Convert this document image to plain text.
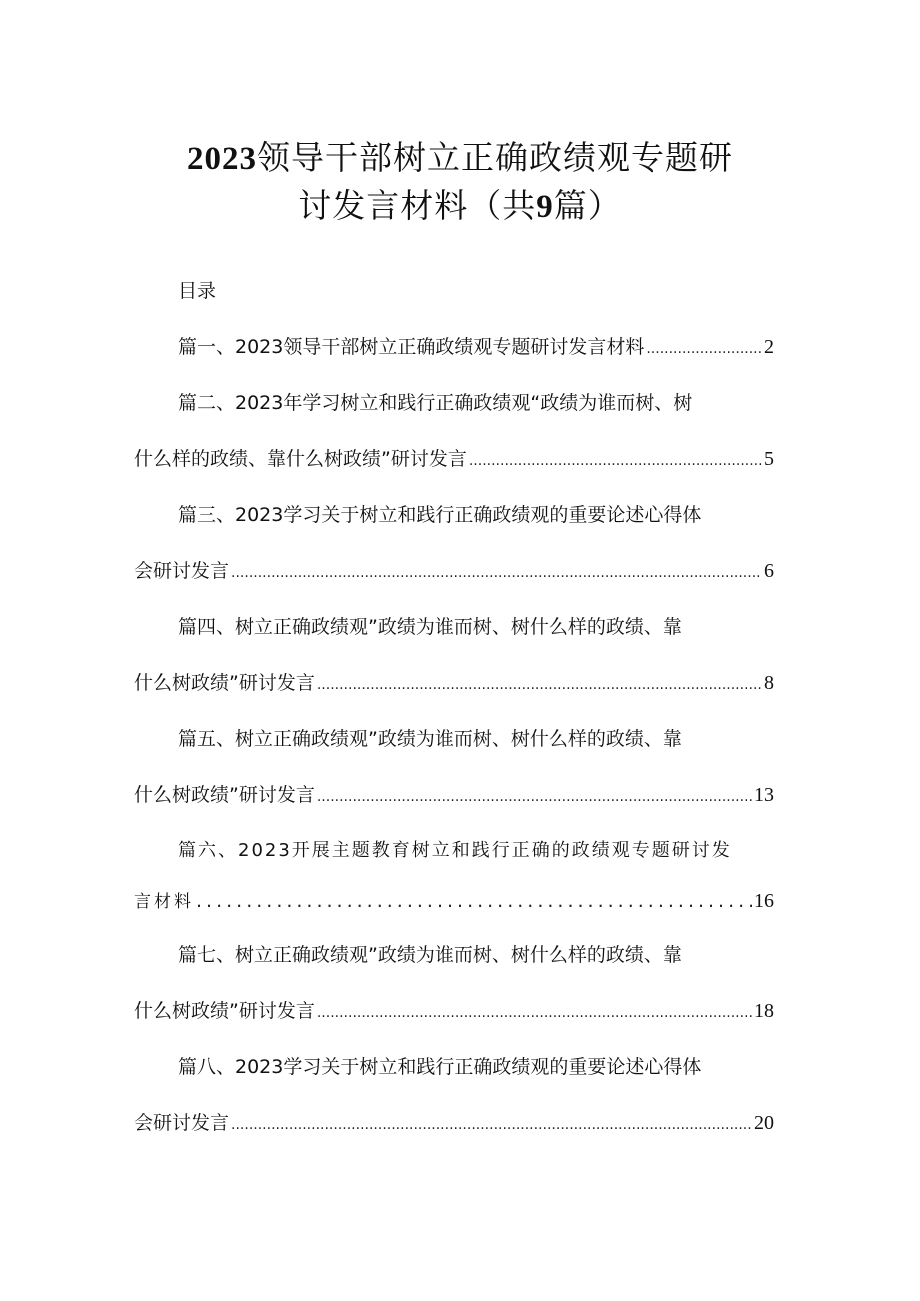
2023领导干部树立正确政绩观专题研
讨发言材料（共9篇）
目录
篇一、2023领导干部树立正确政绩观专题研讨发言材料 .....	2
篇二、2023年学习树立和践行正确政绩观“政绩为谁而树、树
什么样的政绩、靠什么树政绩”研讨发言 .....	5
篇三、2023学习关于树立和践行正确政绩观的重要论述心得体
会研讨发言 .....	6
篇四、树立正确政绩观”政绩为谁而树、树什么样的政绩、靠
什么树政绩”研讨发言 .....	8
篇五、树立正确政绩观”政绩为谁而树、树什么样的政绩、靠
什么树政绩”研讨发言 .....	13
篇六、2023开展主题教育树立和践行正确的政绩观专题研讨发
言材料 .....	16
篇七、树立正确政绩观”政绩为谁而树、树什么样的政绩、靠
什么树政绩”研讨发言 .....	18
篇八、2023学习关于树立和践行正确政绩观的重要论述心得体
会研讨发言 .....	20
